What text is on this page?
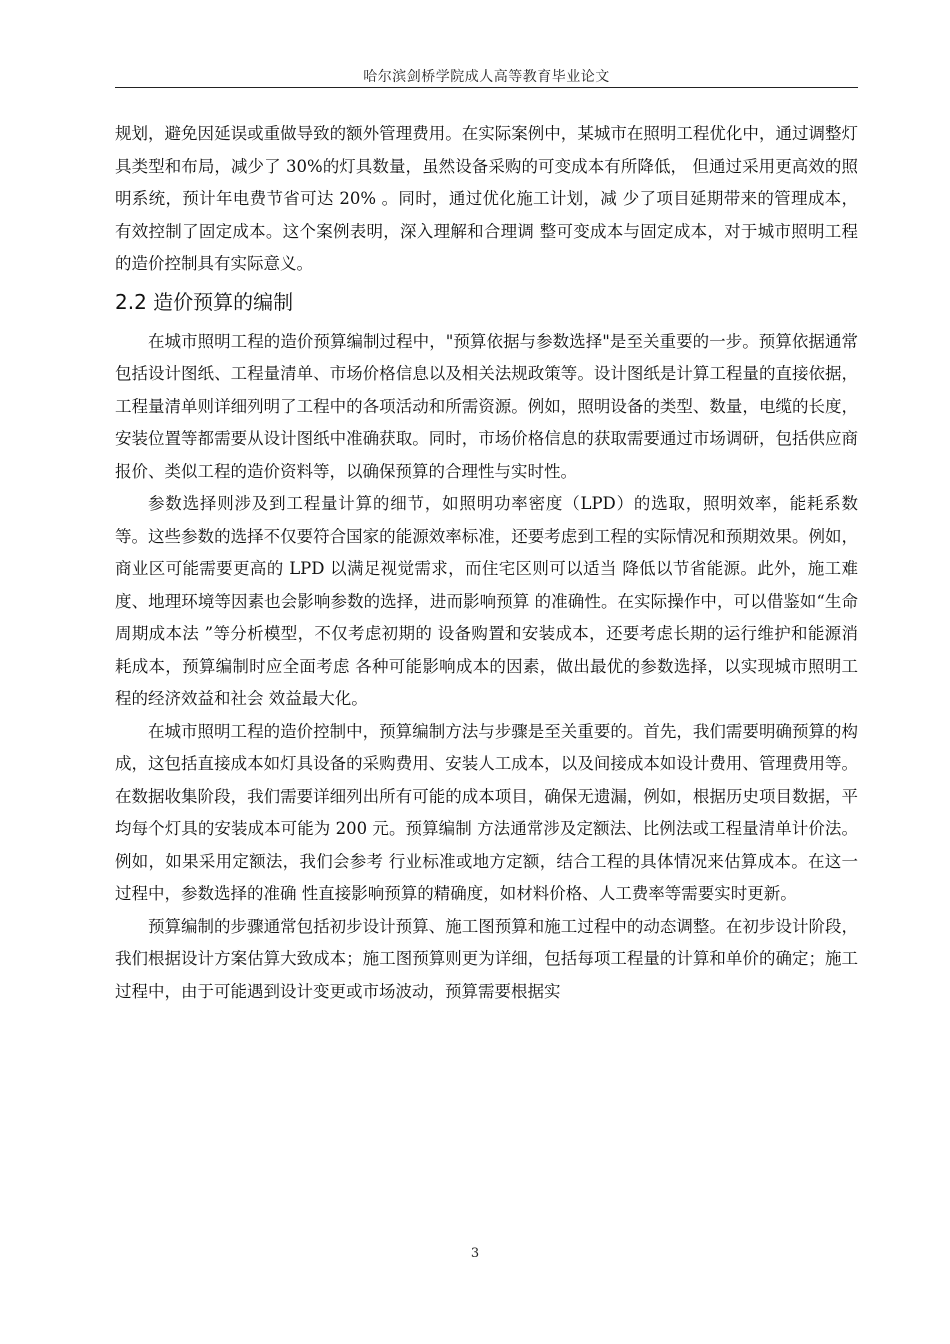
哈尔滨剑桥学院成人高等教育毕业论文

规划，避免因延误或重做导致的额外管理费用。在实际案例中，某城市在照明工程优化中，通过调整灯具类型和布局，减少了 30%的灯具数量，虽然设备采购的可变成本有所降低， 但通过采用更高效的照明系统，预计年电费节省可达 20% 。同时，通过优化施工计划，减 少了项目延期带来的管理成本，有效控制了固定成本。这个案例表明，深入理解和合理调 整可变成本与固定成本，对于城市照明工程的造价控制具有实际意义。

2.2 造价预算的编制

在城市照明工程的造价预算编制过程中，"预算依据与参数选择"是至关重要的一步。预算依据通常包括设计图纸、工程量清单、市场价格信息以及相关法规政策等。设计图纸是计算工程量的直接依据，工程量清单则详细列明了工程中的各项活动和所需资源。例如，照明设备的类型、数量，电缆的长度，安装位置等都需要从设计图纸中准确获取。同时，市场价格信息的获取需要通过市场调研，包括供应商报价、类似工程的造价资料等，以确保预算的合理性与实时性。

参数选择则涉及到工程量计算的细节，如照明功率密度（LPD）的选取，照明效率，能耗系数等。这些参数的选择不仅要符合国家的能源效率标准，还要考虑到工程的实际情况和预期效果。例如，商业区可能需要更高的 LPD 以满足视觉需求，而住宅区则可以适当 降低以节省能源。此外，施工难度、地理环境等因素也会影响参数的选择，进而影响预算 的准确性。在实际操作中，可以借鉴如“生命周期成本法 ”等分析模型，不仅考虑初期的 设备购置和安装成本，还要考虑长期的运行维护和能源消耗成本，预算编制时应全面考虑 各种可能影响成本的因素，做出最优的参数选择，以实现城市照明工程的经济效益和社会 效益最大化。

在城市照明工程的造价控制中，预算编制方法与步骤是至关重要的。首先，我们需要明确预算的构成，这包括直接成本如灯具设备的采购费用、安装人工成本，以及间接成本如设计费用、管理费用等。在数据收集阶段，我们需要详细列出所有可能的成本项目，确保无遗漏，例如，根据历史项目数据，平均每个灯具的安装成本可能为 200 元。预算编制 方法通常涉及定额法、比例法或工程量清单计价法。例如，如果采用定额法，我们会参考 行业标准或地方定额，结合工程的具体情况来估算成本。在这一过程中，参数选择的准确 性直接影响预算的精确度，如材料价格、人工费率等需要实时更新。

预算编制的步骤通常包括初步设计预算、施工图预算和施工过程中的动态调整。在初步设计阶段，我们根据设计方案估算大致成本；施工图预算则更为详细，包括每项工程量的计算和单价的确定；施工过程中，由于可能遇到设计变更或市场波动，预算需要根据实

3
